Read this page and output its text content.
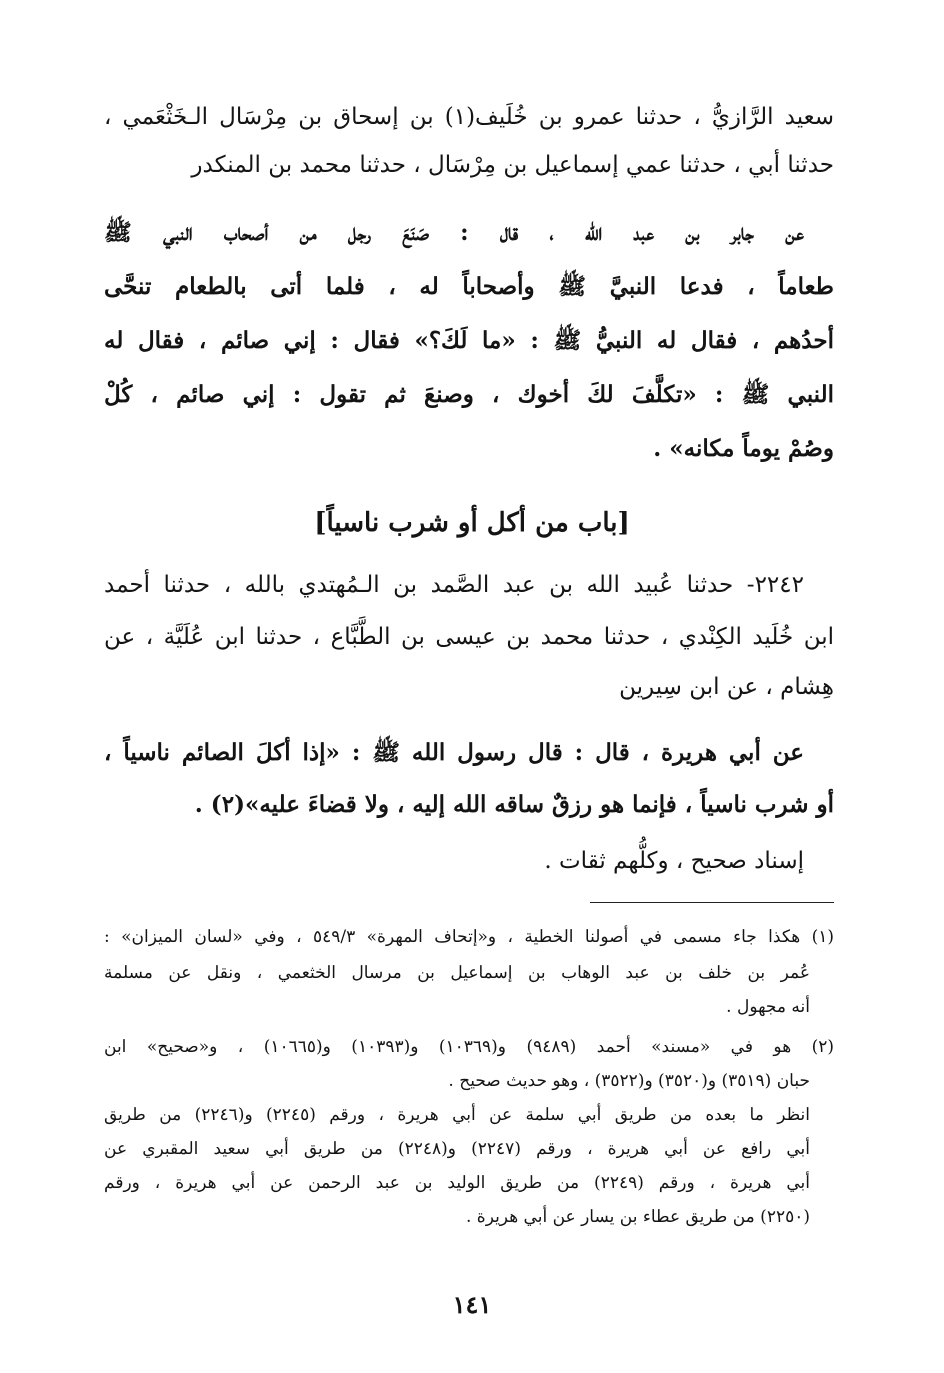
سعيد الرَّازيُّ ، حدثنا عمرو بن خُلَيف(١) بن إسحاق بن مِرْسَال الـخَثْعَمي ،
حدثنا أبي ، حدثنا عمي إسماعيل بن مِرْسَال ، حدثنا محمد بن المنكدر
عن جابر بن عبد الله ، قال : صَنَعَ رجل من أصحاب النبي ﷺ
طعاماً ، فدعا النبيَّ ﷺ وأصحاباً له ، فلما أتى بالطعام تنحَّى
أحدُهم ، فقال له النبيُّ ﷺ : «ما لَكَ؟» فقال : إني صائم ، فقال له
النبي ﷺ : «تكلَّفَ لكَ أخوك ، وصنعَ ثم تقول : إني صائم ، كُلْ
وصُمْ يوماً مكانه» .
[باب من أكل أو شرب ناسياً]
٢٢٤٢- حدثنا عُبيد الله بن عبد الصَّمد بن الـمُهتدي بالله ، حدثنا أحمد
ابن خُلَيد الكِنْدي ، حدثنا محمد بن عيسى بن الطَّبَّاع ، حدثنا ابن عُلَيَّة ، عن
هِشام ، عن ابن سِيرين
عن أبي هريرة ، قال : قال رسول الله ﷺ : «إذا أكلَ الصائم ناسياً ،
أو شرب ناسياً ، فإنما هو رزقٌ ساقه الله إليه ، ولا قضاءَ عليه»(٢) .
إسناد صحيح ، وكلُّهم ثقات .
(١) هكذا جاء مسمى في أصولنا الخطية ، و«إتحاف المهرة» ٥٤٩/٣ ، وفي «لسان الميزان» :
عُمر بن خلف بن عبد الوهاب بن إسماعيل بن مرسال الخثعمي ، ونقل عن مسلمة
أنه مجهول .
(٢) هو في «مسند» أحمد (٩٤٨٩) و(١٠٣٦٩) و(١٠٣٩٣) و(١٠٦٦٥) ، و«صحيح» ابن
حبان (٣٥١٩) و(٣٥٢٠) و(٣٥٢٢) ، وهو حديث صحيح .
انظر ما بعده من طريق أبي سلمة عن أبي هريرة ، ورقم (٢٢٤٥) و(٢٢٤٦) من طريق
أبي رافع عن أبي هريرة ، ورقم (٢٢٤٧) و(٢٢٤٨) من طريق أبي سعيد المقبري عن
أبي هريرة ، ورقم (٢٢٤٩) من طريق الوليد بن عبد الرحمن عن أبي هريرة ، ورقم
(٢٢٥٠) من طريق عطاء بن يسار عن أبي هريرة .
١٤١
